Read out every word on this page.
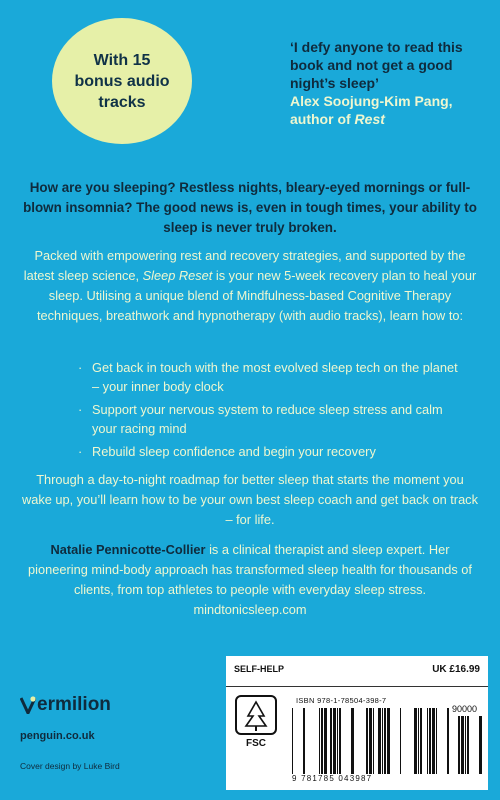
With 15 bonus audio tracks
‘I defy anyone to read this book and not get a good night’s sleep’
Alex Soojung-Kim Pang, author of Rest
How are you sleeping? Restless nights, bleary-eyed mornings or full-blown insomnia? The good news is, even in tough times, your ability to sleep is never truly broken.
Packed with empowering rest and recovery strategies, and supported by the latest sleep science, Sleep Reset is your new 5-week recovery plan to heal your sleep. Utilising a unique blend of Mindfulness-based Cognitive Therapy techniques, breathwork and hypnotherapy (with audio tracks), learn how to:
· Get back in touch with the most evolved sleep tech on the planet – your inner body clock
· Support your nervous system to reduce sleep stress and calm your racing mind
· Rebuild sleep confidence and begin your recovery
Through a day-to-night roadmap for better sleep that starts the moment you wake up, you’ll learn how to be your own best sleep coach and get back on track – for life.
Natalie Pennicotte-Collier is a clinical therapist and sleep expert. Her pioneering mind-body approach has transformed sleep health for thousands of clients, from top athletes to people with everyday sleep stress. mindtonicsleep.com
ermilion
penguin.co.uk
Cover design by Luke Bird
SELF-HELP	UK £16.99
FSC
ISBN 978-1-78504-398-7
9 781785 043987
90000
